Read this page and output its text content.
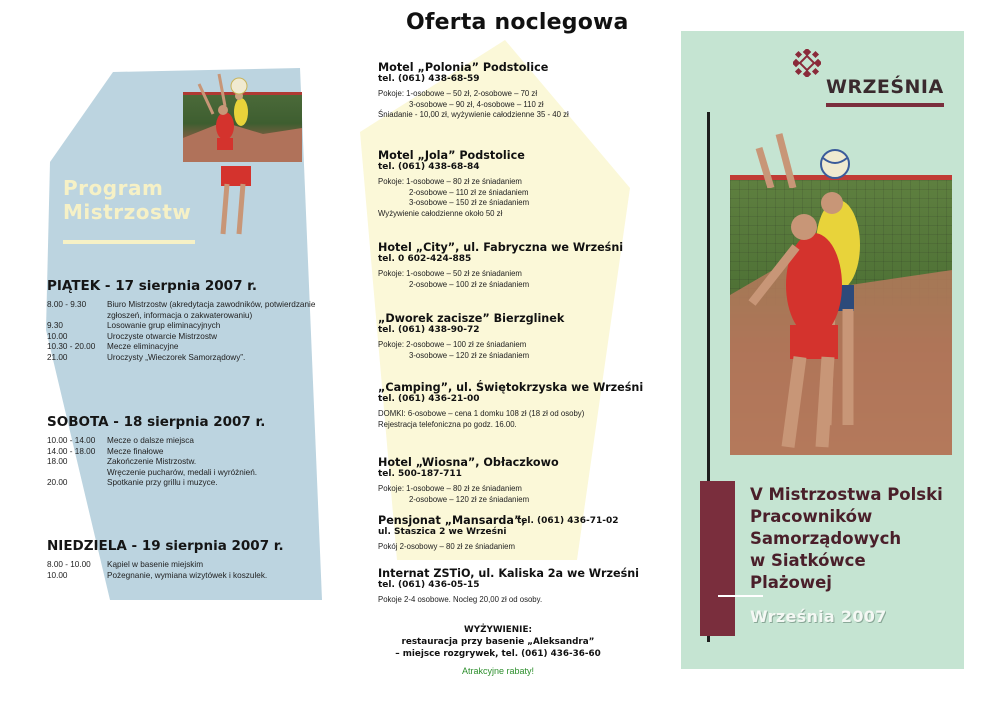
Program
Mistrzostw
PIĄTEK - 17 sierpnia 2007 r.
8.00 - 9.30	Biuro Mistrzostw (akredytacja zawodników, potwierdzanie
zgłoszeń, informacja o zakwaterowaniu)
9.30	Losowanie grup eliminacyjnych
10.00	Uroczyste otwarcie Mistrzostw
10.30 - 20.00	Mecze eliminacyjne
21.00	Uroczysty „Wieczorek Samorządowy”.
SOBOTA - 18 sierpnia 2007 r.
10.00 - 14.00	Mecze o dalsze miejsca
14.00 - 18.00	Mecze finałowe
18.00	Zakończenie Mistrzostw.
Wręczenie pucharów, medali i wyróżnień.
20.00	Spotkanie przy grillu i muzyce.
NIEDZIELA - 19 sierpnia 2007 r.
8.00 - 10.00	Kąpiel w basenie miejskim
10.00	Pożegnanie, wymiana wizytówek i koszulek.
Oferta noclegowa
Motel „Polonia” Podstolice
tel. (061) 438-68-59
Pokoje: 1-osobowe – 50 zł, 2-osobowe – 70 zł
3-osobowe – 90 zł, 4-osobowe – 110 zł
Śniadanie - 10,00 zł, wyżywienie całodzienne 35 - 40 zł
Motel „Jola” Podstolice
tel. (061) 438-68-84
Pokoje: 1-osobowe – 80 zł ze śniadaniem
2-osobowe – 110 zł ze śniadaniem
3-osobowe – 150 zł ze śniadaniem
Wyżywienie całodzienne około 50 zł
Hotel „City”, ul. Fabryczna we Wrześni
tel. 0 602-424-885
Pokoje: 1-osobowe – 50 zł ze śniadaniem
2-osobowe – 100 zł ze śniadaniem
„Dworek zacisze” Bierzglinek
tel. (061) 438-90-72
Pokoje: 2-osobowe – 100 zł ze śniadaniem
3-osobowe – 120 zł ze śniadaniem
„Camping”, ul. Świętokrzyska we Wrześni
tel. (061) 436-21-00
DOMKI: 6-osobowe – cena 1 domku 108 zł (18 zł od osoby)
Rejestracja telefoniczna po godz. 16.00.
Hotel „Wiosna”, Obłaczkowo
tel. 500-187-711
Pokoje: 1-osobowe – 80 zł ze śniadaniem
2-osobowe – 120 zł ze śniadaniem
Pensjonat „Mansarda”,
ul. Staszica 2 we Wrześni
Pokój 2-osobowy – 80 zł ze śniadaniem
tel. (061) 436-71-02
Internat ZSTiO, ul. Kaliska 2a we Wrześni
tel. (061) 436-05-15
Pokoje 2-4 osobowe. Nocleg 20,00 zł od osoby.
WYŻYWIENIE:
restauracja przy basenie „Aleksandra”
– miejsce rozgrywek, tel. (061) 436-36-60
Atrakcyjne rabaty!
WRZEŚNIA
V Mistrzostwa Polski
Pracowników
Samorządowych
w Siatkówce
Plażowej
Września 2007
